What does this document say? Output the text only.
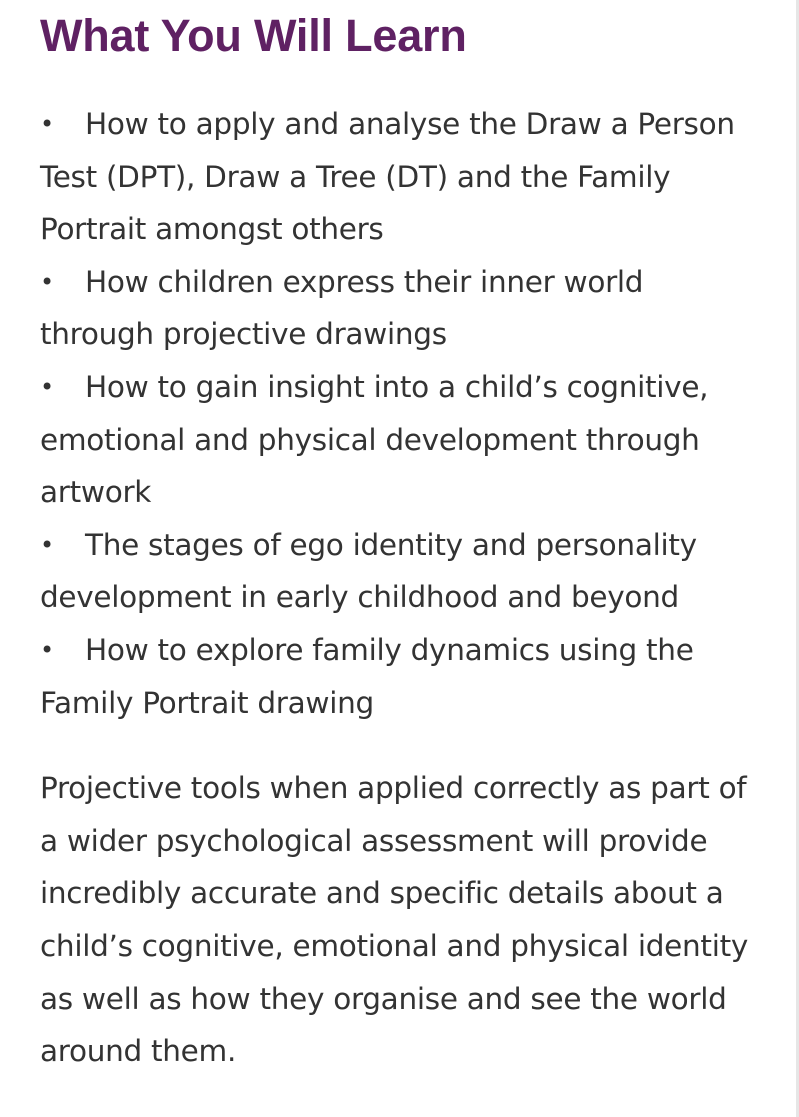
What You Will Learn
• How to apply and analyse the Draw a Person Test (DPT), Draw a Tree (DT) and the Family Portrait amongst others
• How children express their inner world through projective drawings
• How to gain insight into a child’s cognitive, emotional and physical development through artwork
• The stages of ego identity and personality development in early childhood and beyond
• How to explore family dynamics using the Family Portrait drawing

Projective tools when applied correctly as part of a wider psychological assessment will provide incredibly accurate and specific details about a child’s cognitive, emotional and physical identity as well as how they organise and see the world around them.
